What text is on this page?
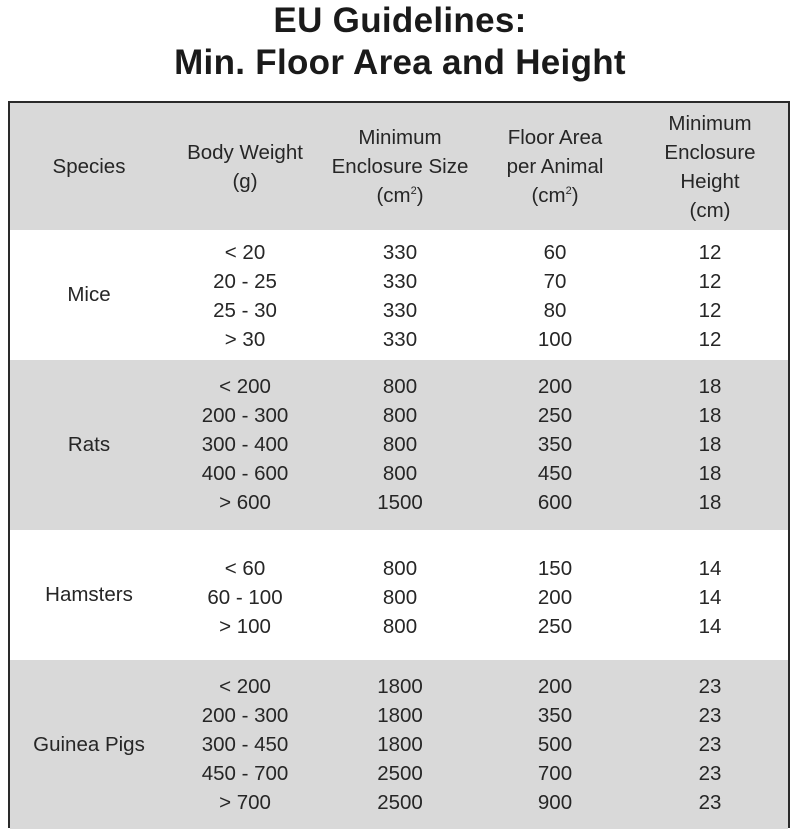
EU Guidelines:
Min. Floor Area and Height
Species
Body Weight
(g)
Minimum
Enclosure Size
$(cm^2)$
Floor Area
per Animal
$(cm^2)$
Minimum
Enclosure
Height
(cm)
Mice
< 20
20 - 25
25 - 30
> 30
330
330
330
330
60
70
80
100
12
12
12
12
Rats
< 200
200 - 300
300 - 400
400 - 600
> 600
800
800
800
800
1500
200
250
350
450
600
18
18
18
18
18
Hamsters
< 60
60 - 100
> 100
800
800
800
150
200
250
14
14
14
Guinea Pigs
< 200
200 - 300
300 - 450
450 - 700
> 700
1800
1800
1800
2500
2500
200
350
500
700
900
23
23
23
23
23
